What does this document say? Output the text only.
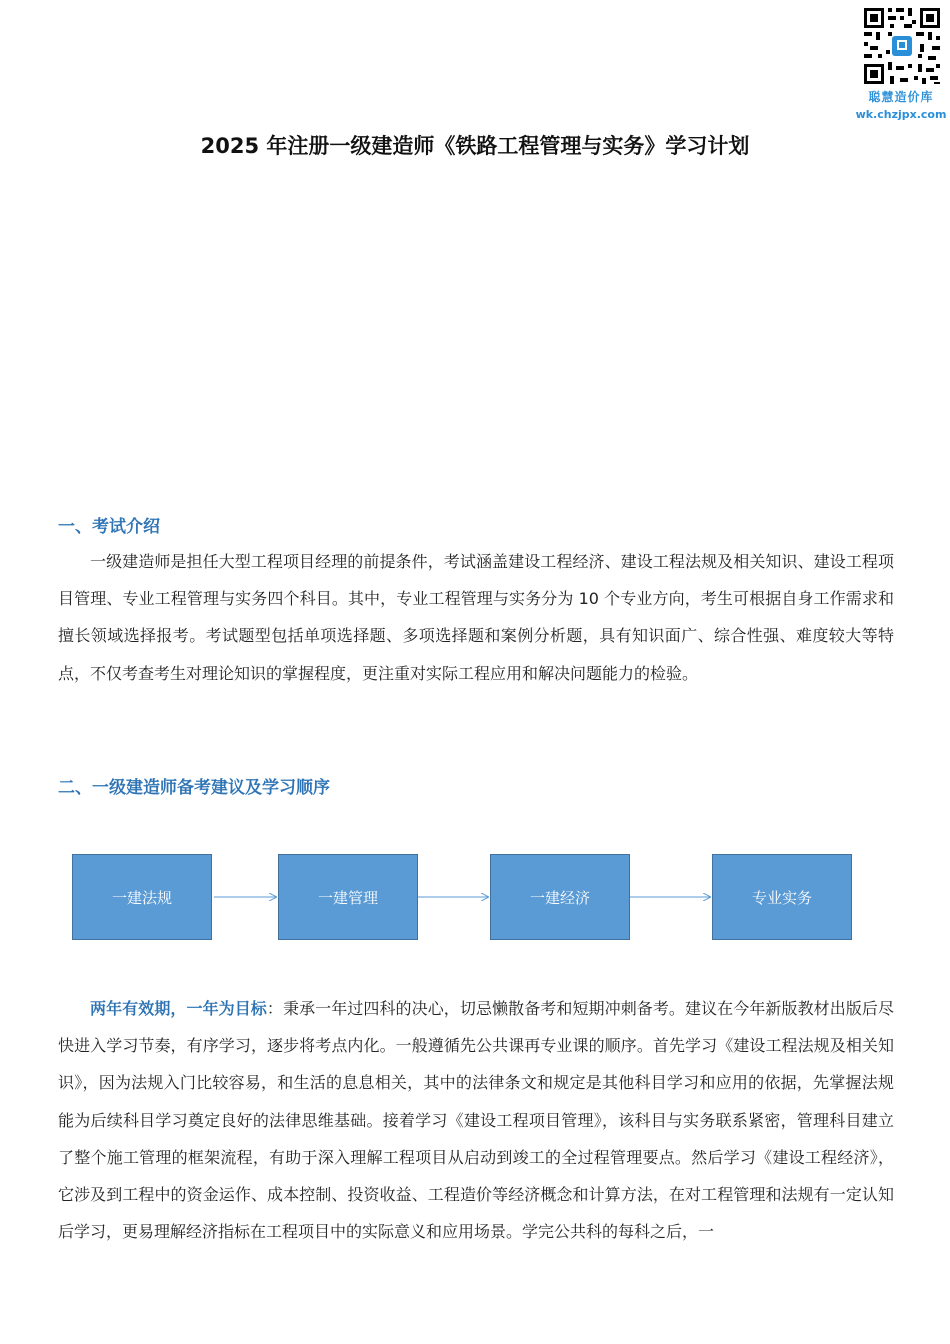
聪慧造价库
wk.chzjpx.com
2025 年注册一级建造师《铁路工程管理与实务》学习计划
一、考试介绍
一级建造师是担任大型工程项目经理的前提条件，考试涵盖建设工程经济、建设工程法规及相关知识、建设工程项目管理、专业工程管理与实务四个科目。其中，专业工程管理与实务分为 10 个专业方向，考生可根据自身工作需求和擅长领域选择报考。考试题型包括单项选择题、多项选择题和案例分析题，具有知识面广、综合性强、难度较大等特点，不仅考查考生对理论知识的掌握程度，更注重对实际工程应用和解决问题能力的检验。
二、一级建造师备考建议及学习顺序
一建法规	一建管理	一建经济	专业实务
两年有效期，一年为目标：秉承一年过四科的决心，切忌懒散备考和短期冲刺备考。建议在今年新版教材出版后尽快进入学习节奏，有序学习，逐步将考点内化。一般遵循先公共课再专业课的顺序。首先学习《建设工程法规及相关知识》，因为法规入门比较容易，和生活的息息相关，其中的法律条文和规定是其他科目学习和应用的依据，先掌握法规能为后续科目学习奠定良好的法律思维基础。接着学习《建设工程项目管理》，该科目与实务联系紧密，管理科目建立了整个施工管理的框架流程，有助于深入理解工程项目从启动到竣工的全过程管理要点。然后学习《建设工程经济》，它涉及到工程中的资金运作、成本控制、投资收益、工程造价等经济概念和计算方法，在对工程管理和法规有一定认知后学习，更易理解经济指标在工程项目中的实际意义和应用场景。学完公共科的每科之后，一
